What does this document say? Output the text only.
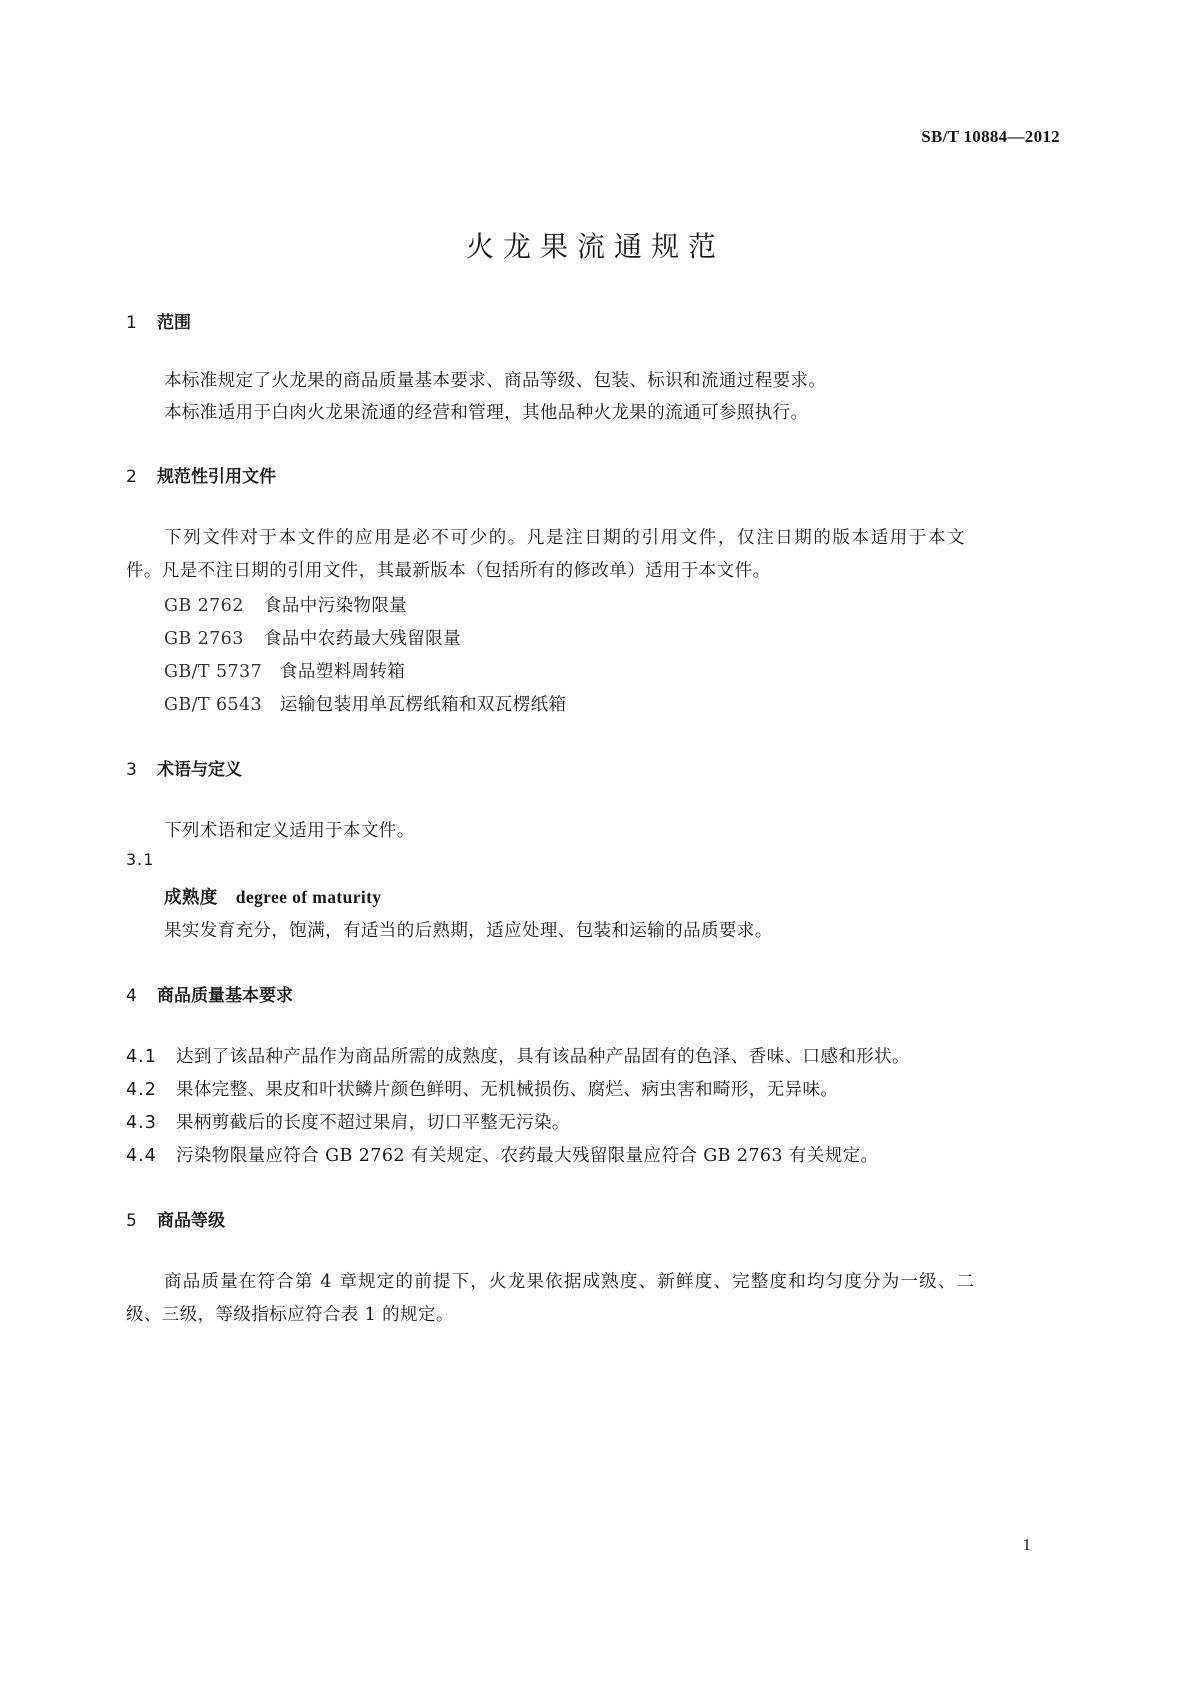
SB/T 10884—2012
火龙果流通规范
1 范围
本标准规定了火龙果的商品质量基本要求、商品等级、包装、标识和流通过程要求。
本标准适用于白肉火龙果流通的经营和管理，其他品种火龙果的流通可参照执行。
2 规范性引用文件
下列文件对于本文件的应用是必不可少的。凡是注日期的引用文件，仅注日期的版本适用于本文
件。凡是不注日期的引用文件，其最新版本（包括所有的修改单）适用于本文件。
GB 2762 食品中污染物限量
GB 2763 食品中农药最大残留限量
GB/T 5737 食品塑料周转箱
GB/T 6543 运输包装用单瓦楞纸箱和双瓦楞纸箱
3 术语与定义
下列术语和定义适用于本文件。
3.1
成熟度 degree of maturity
果实发育充分，饱满，有适当的后熟期，适应处理、包装和运输的品质要求。
4 商品质量基本要求
4.1 达到了该品种产品作为商品所需的成熟度，具有该品种产品固有的色泽、香味、口感和形状。
4.2 果体完整、果皮和叶状鳞片颜色鲜明、无机械损伤、腐烂、病虫害和畸形，无异味。
4.3 果柄剪截后的长度不超过果肩，切口平整无污染。
4.4 污染物限量应符合 GB 2762 有关规定、农药最大残留限量应符合 GB 2763 有关规定。
5 商品等级
商品质量在符合第 4 章规定的前提下，火龙果依据成熟度、新鲜度、完整度和均匀度分为一级、二
级、三级，等级指标应符合表 1 的规定。
1
